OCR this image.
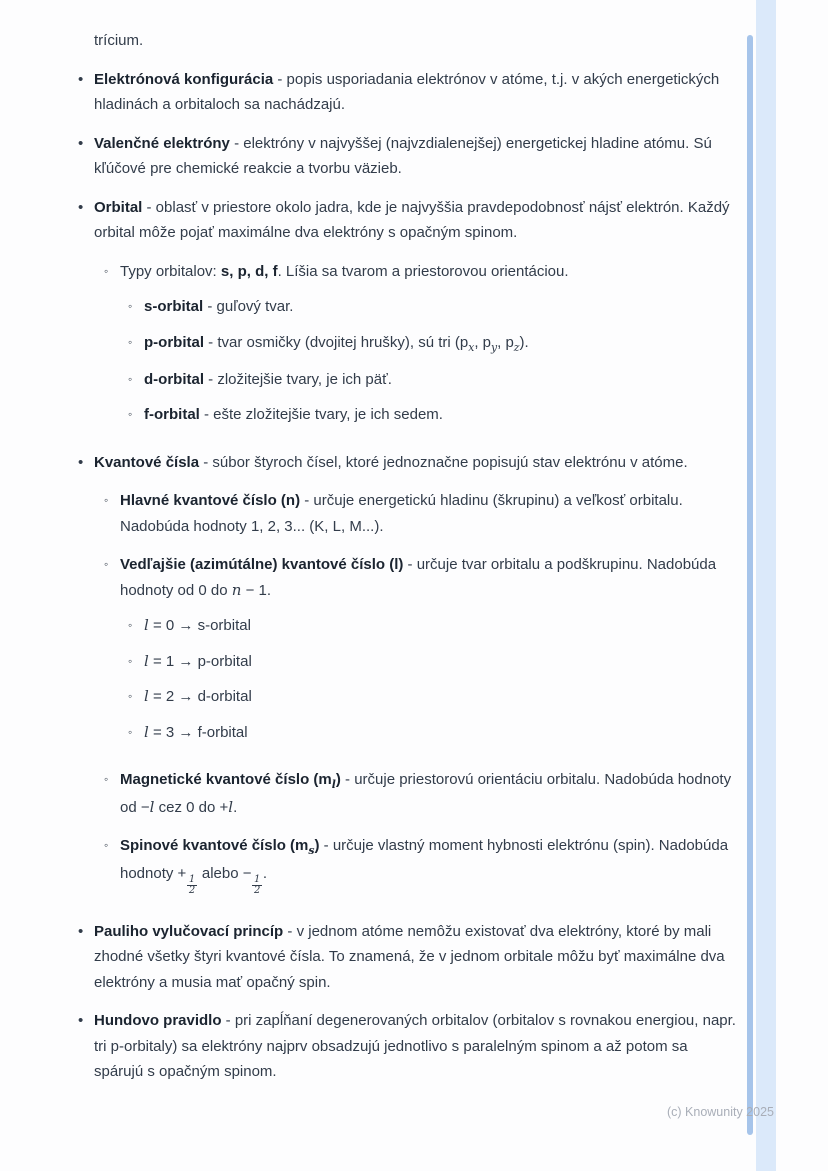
trícium.
• Elektrónová konfigurácia - popis usporiadania elektrónov v atóme, t.j. v akých energetických hladinách a orbitaloch sa nachádzajú.
• Valenčné elektróny - elektróny v najvyššej (najvzdialenejšej) energetickej hladine atómu. Sú kľúčové pre chemické reakcie a tvorbu väzieb.
• Orbital - oblasť v priestore okolo jadra, kde je najvyššia pravdepodobnosť nájsť elektrón. Každý orbital môže pojať maximálne dva elektróny s opačným spinom.
◦ Typy orbitalov: s, p, d, f. Líšia sa tvarom a priestorovou orientáciou.
◦ s-orbital - guľový tvar.
◦ p-orbital - tvar osmičky (dvojitej hrušky), sú tri ($p_x$, $p_y$, $p_z$).
◦ d-orbital - zložitejšie tvary, je ich päť.
◦ f-orbital - ešte zložitejšie tvary, je ich sedem.
• Kvantové čísla - súbor štyroch čísel, ktoré jednoznačne popisujú stav elektrónu v atóme.
◦ Hlavné kvantové číslo (n) - určuje energetickú hladinu (škrupinu) a veľkosť orbitalu. Nadobúda hodnoty 1, 2, 3... (K, L, M...).
◦ Vedľajšie (azimútálne) kvantové číslo (l) - určuje tvar orbitalu a podškrupinu. Nadobúda hodnoty od 0 do n − 1.
◦ l = 0 → s-orbital
◦ l = 1 → p-orbital
◦ l = 2 → d-orbital
◦ l = 3 → f-orbital
◦ Magnetické kvantové číslo $(m_l)$ - určuje priestorovú orientáciu orbitalu. Nadobúda hodnoty od −l cez 0 do +l.
◦ Spinové kvantové číslo $(m_s)$ - určuje vlastný moment hybnosti elektrónu (spin). Nadobúda hodnoty +
$\frac{1}{2}$
alebo −
$\frac{1}{2}$
.
• Pauliho vylučovací princíp - v jednom atóme nemôžu existovať dva elektróny, ktoré by mali zhodné všetky štyri kvantové čísla. To znamená, že v jednom orbitale môžu byť maximálne dva elektróny a musia mať opačný spin.
• Hundovo pravidlo - pri zapĺňaní degenerovaných orbitalov (orbitalov s rovnakou energiou, napr. tri p-orbitaly) sa elektróny najprv obsadzujú jednotlivo s paralelným spinom a až potom sa spárujú s opačným spinom.
(c) Knowunity 2025
